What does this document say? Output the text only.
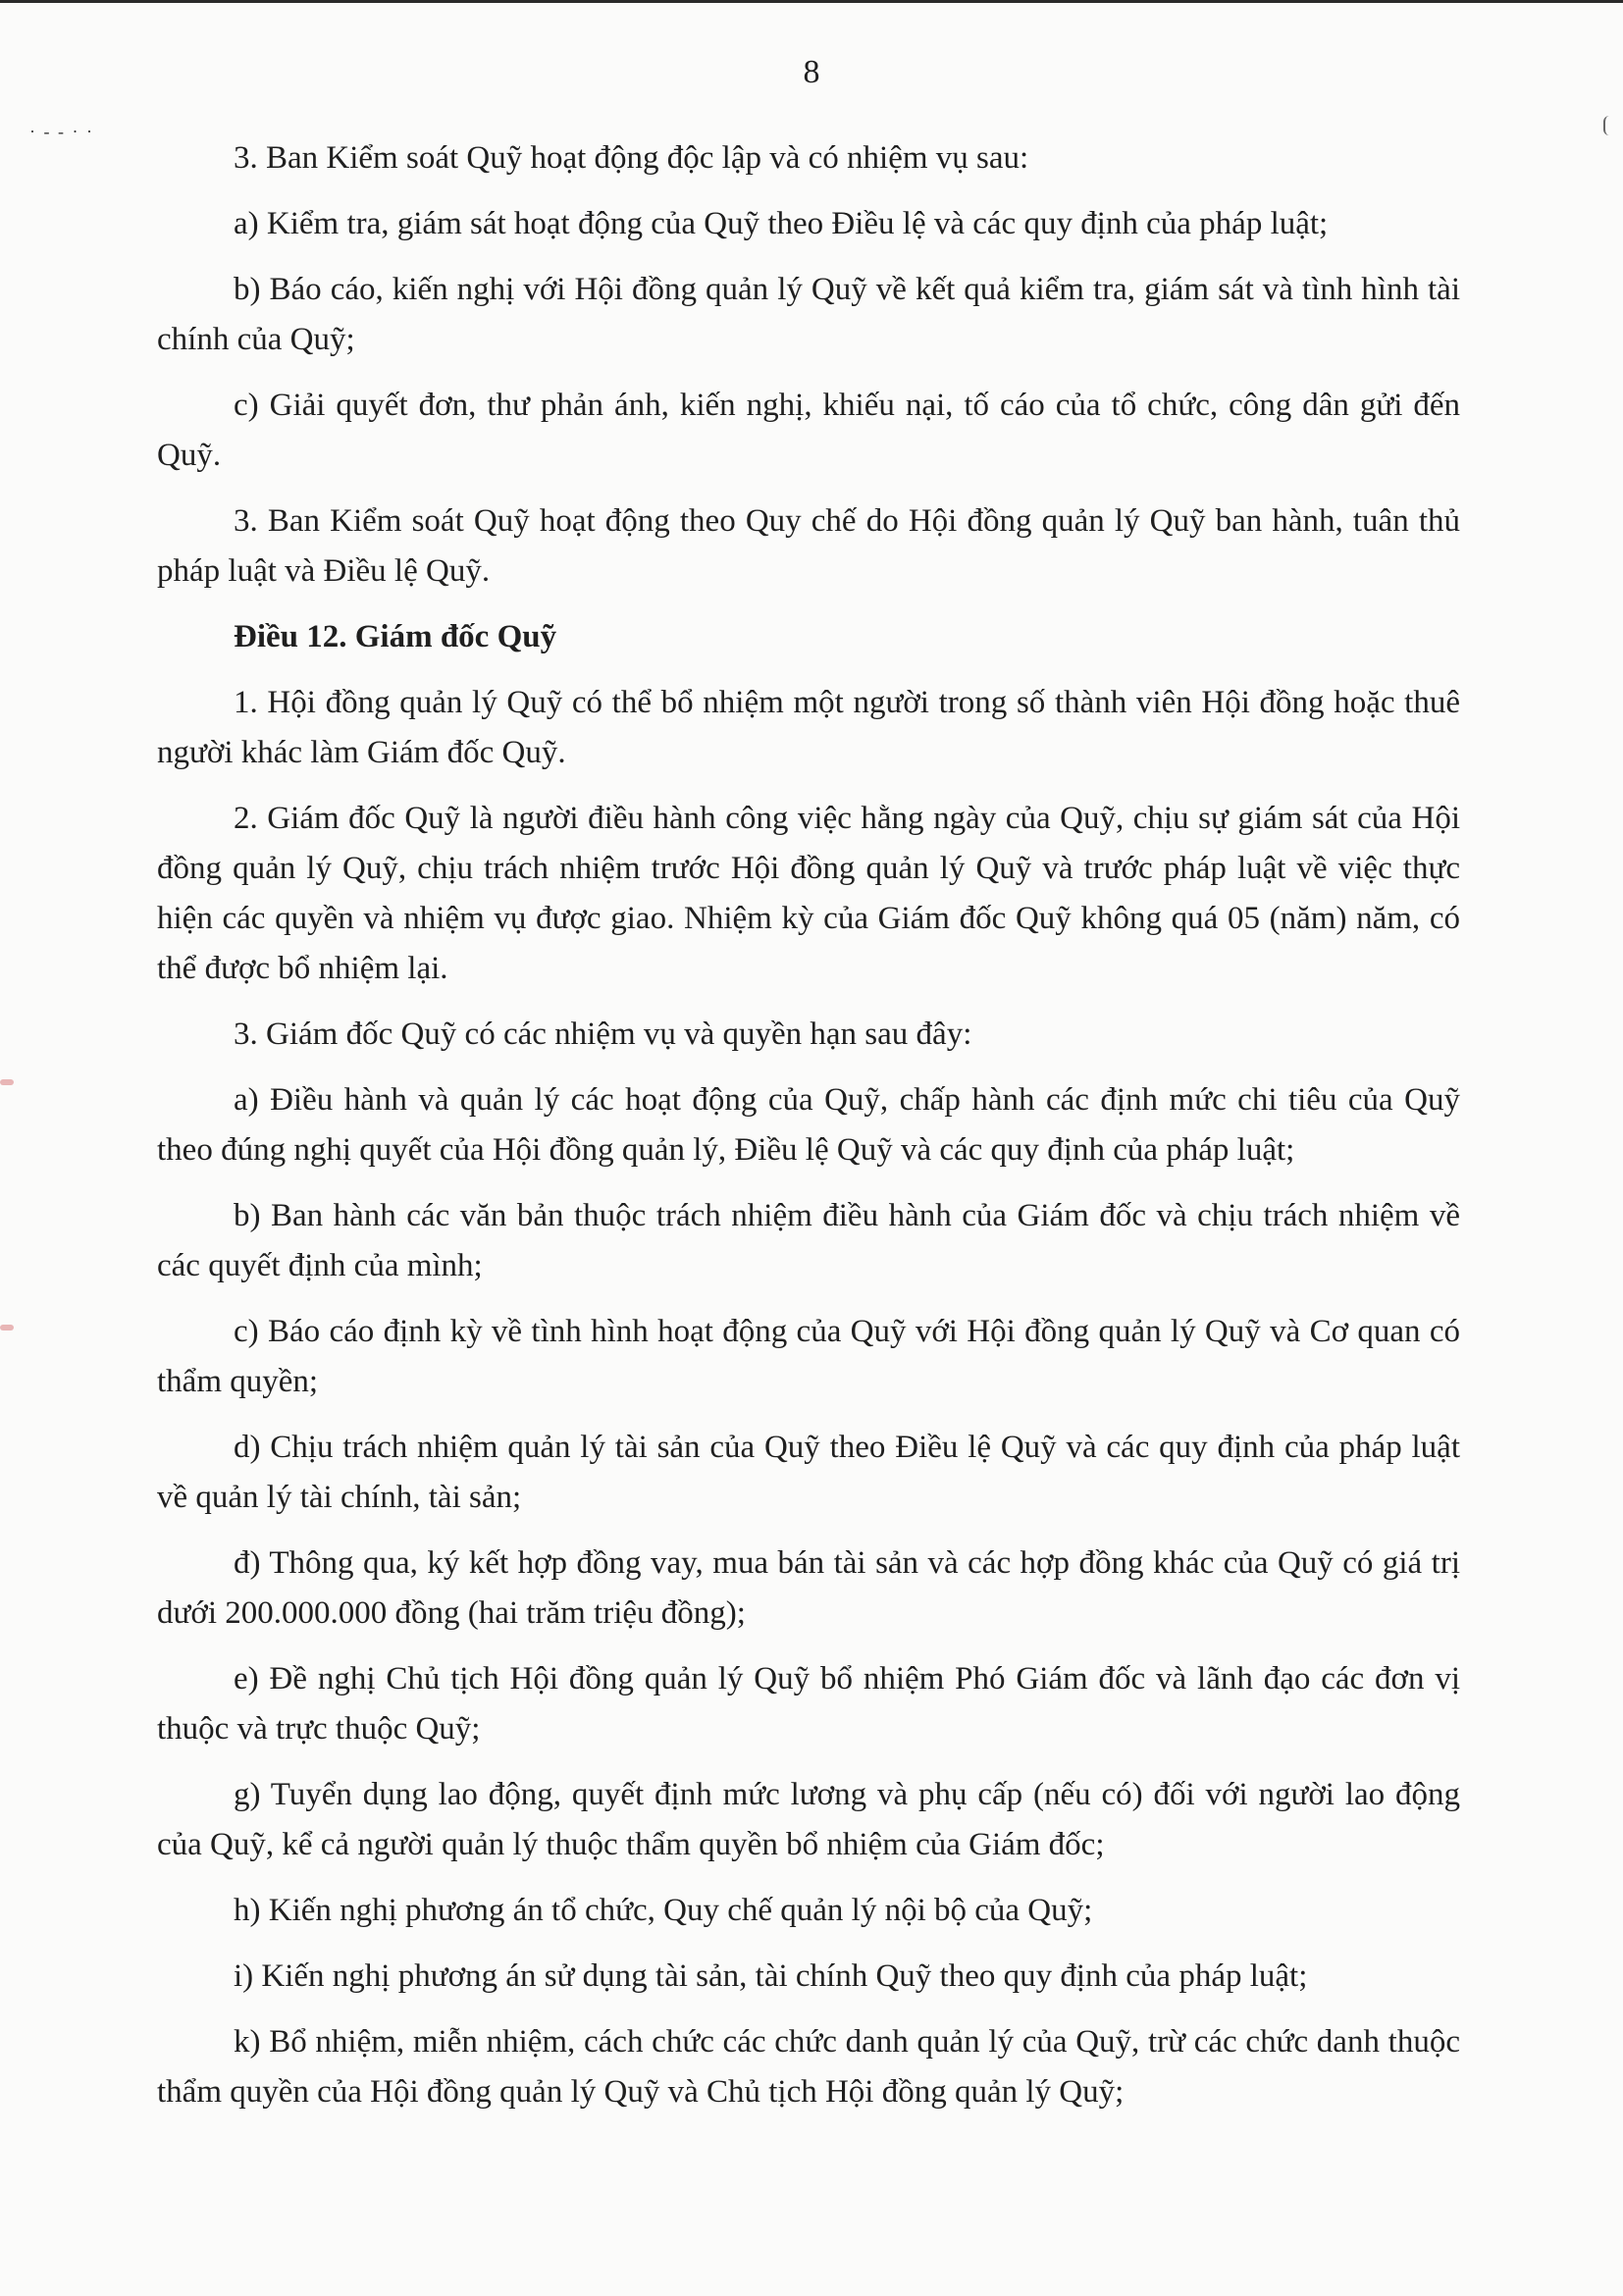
· - - · ·
8

3. Ban Kiểm soát Quỹ hoạt động độc lập và có nhiệm vụ sau:

a) Kiểm tra, giám sát hoạt động của Quỹ theo Điều lệ và các quy định của pháp luật;

b) Báo cáo, kiến nghị với Hội đồng quản lý Quỹ về kết quả kiểm tra, giám sát và tình hình tài chính của Quỹ;

c) Giải quyết đơn, thư phản ánh, kiến nghị, khiếu nại, tố cáo của tổ chức, công dân gửi đến Quỹ.

3. Ban Kiểm soát Quỹ hoạt động theo Quy chế do Hội đồng quản lý Quỹ ban hành, tuân thủ pháp luật và Điều lệ Quỹ.

Điều 12. Giám đốc Quỹ

1. Hội đồng quản lý Quỹ có thể bổ nhiệm một người trong số thành viên Hội đồng hoặc thuê người khác làm Giám đốc Quỹ.

2. Giám đốc Quỹ là người điều hành công việc hằng ngày của Quỹ, chịu sự giám sát của Hội đồng quản lý Quỹ, chịu trách nhiệm trước Hội đồng quản lý Quỹ và trước pháp luật về việc thực hiện các quyền và nhiệm vụ được giao. Nhiệm kỳ của Giám đốc Quỹ không quá 05 (năm) năm, có thể được bổ nhiệm lại.

3. Giám đốc Quỹ có các nhiệm vụ và quyền hạn sau đây:

a) Điều hành và quản lý các hoạt động của Quỹ, chấp hành các định mức chi tiêu của Quỹ theo đúng nghị quyết của Hội đồng quản lý, Điều lệ Quỹ và các quy định của pháp luật;

b) Ban hành các văn bản thuộc trách nhiệm điều hành của Giám đốc và chịu trách nhiệm về các quyết định của mình;

c) Báo cáo định kỳ về tình hình hoạt động của Quỹ với Hội đồng quản lý Quỹ và Cơ quan có thẩm quyền;

d) Chịu trách nhiệm quản lý tài sản của Quỹ theo Điều lệ Quỹ và các quy định của pháp luật về quản lý tài chính, tài sản;

đ) Thông qua, ký kết hợp đồng vay, mua bán tài sản và các hợp đồng khác của Quỹ có giá trị dưới 200.000.000 đồng (hai trăm triệu đồng);

e) Đề nghị Chủ tịch Hội đồng quản lý Quỹ bổ nhiệm Phó Giám đốc và lãnh đạo các đơn vị thuộc và trực thuộc Quỹ;

g) Tuyển dụng lao động, quyết định mức lương và phụ cấp (nếu có) đối với người lao động của Quỹ, kể cả người quản lý thuộc thẩm quyền bổ nhiệm của Giám đốc;

h) Kiến nghị phương án tổ chức, Quy chế quản lý nội bộ của Quỹ;

i) Kiến nghị phương án sử dụng tài sản, tài chính Quỹ theo quy định của pháp luật;

k) Bổ nhiệm, miễn nhiệm, cách chức các chức danh quản lý của Quỹ, trừ các chức danh thuộc thẩm quyền của Hội đồng quản lý Quỹ và Chủ tịch Hội đồng quản lý Quỹ;
